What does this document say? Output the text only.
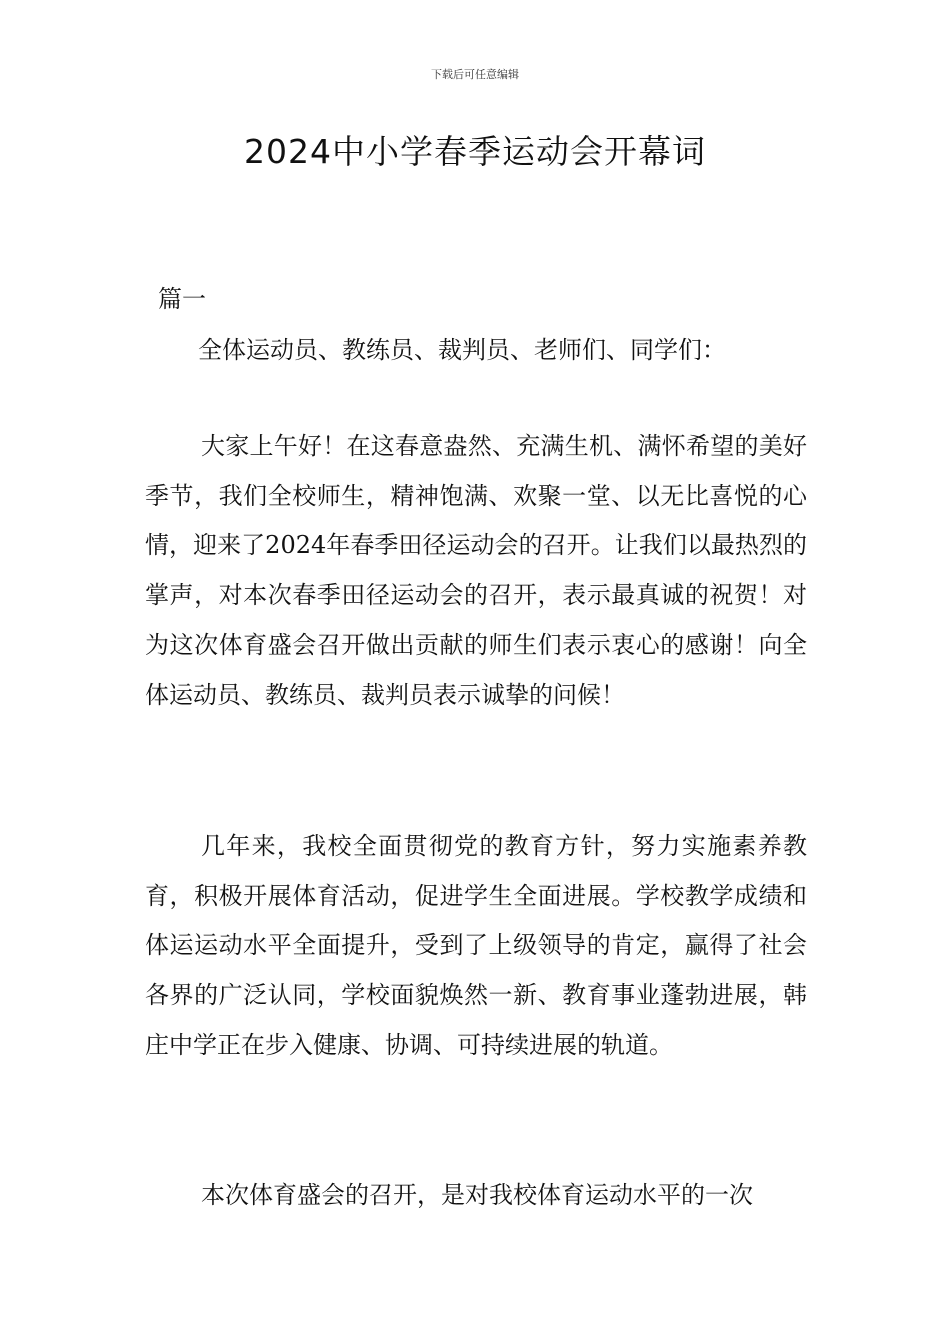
下载后可任意编辑
2024中小学春季运动会开幕词
篇一
全体运动员、教练员、裁判员、老师们、同学们：

大家上午好！在这春意盎然、充满生机、满怀希望的美好季节，我们全校师生，精神饱满、欢聚一堂、以无比喜悦的心情，迎来了2024年春季田径运动会的召开。让我们以最热烈的掌声，对本次春季田径运动会的召开，表示最真诚的祝贺！对为这次体育盛会召开做出贡献的师生们表示衷心的感谢！向全体运动员、教练员、裁判员表示诚挚的问候！

几年来，我校全面贯彻党的教育方针，努力实施素养教育，积极开展体育活动，促进学生全面进展。学校教学成绩和体运运动水平全面提升，受到了上级领导的肯定，赢得了社会各界的广泛认同，学校面貌焕然一新、教育事业蓬勃进展，韩庄中学正在步入健康、协调、可持续进展的轨道。

本次体育盛会的召开，是对我校体育运动水平的一次
